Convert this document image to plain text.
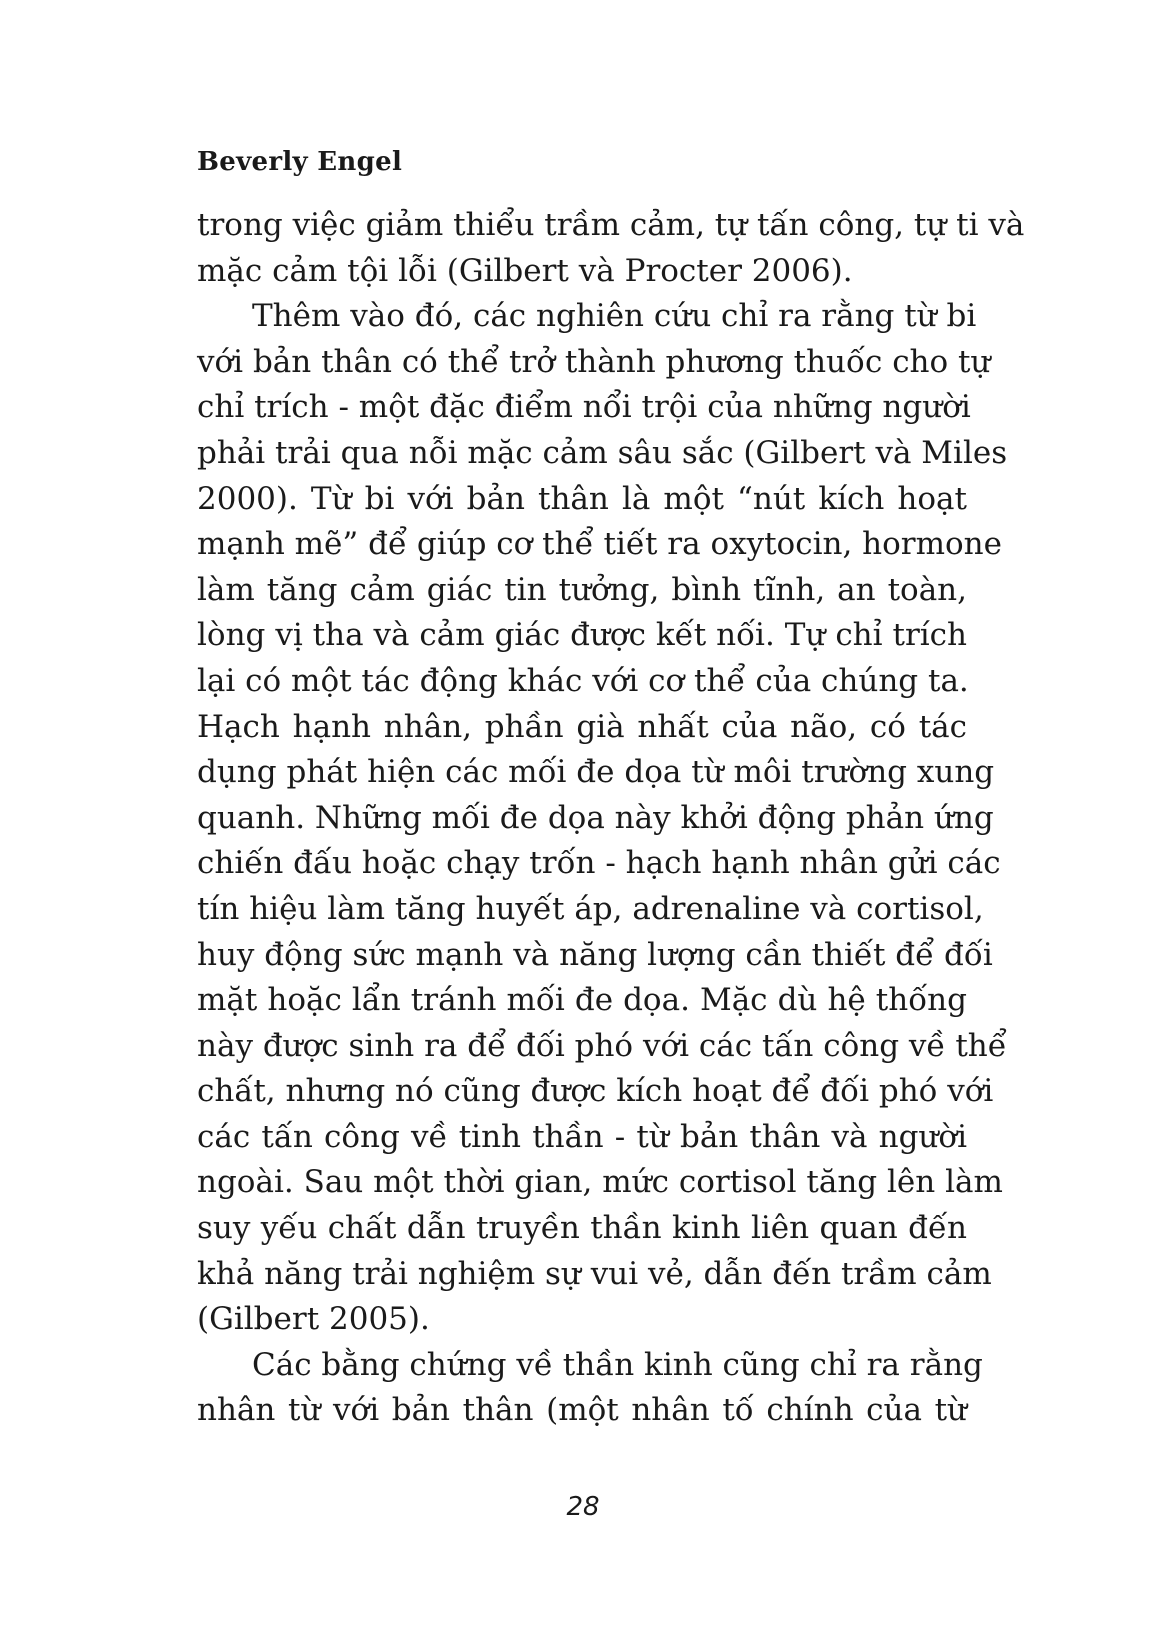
Beverly Engel
trong việc giảm thiểu trầm cảm, tự tấn công, tự ti và
mặc cảm tội lỗi (Gilbert và Procter 2006).
Thêm vào đó, các nghiên cứu chỉ ra rằng từ bi
với bản thân có thể trở thành phương thuốc cho tự
chỉ trích - một đặc điểm nổi trội của những người
phải trải qua nỗi mặc cảm sâu sắc (Gilbert và Miles
2000). Từ bi với bản thân là một “nút kích hoạt
mạnh mẽ” để giúp cơ thể tiết ra oxytocin, hormone
làm tăng cảm giác tin tưởng, bình tĩnh, an toàn,
lòng vị tha và cảm giác được kết nối. Tự chỉ trích
lại có một tác động khác với cơ thể của chúng ta.
Hạch hạnh nhân, phần già nhất của não, có tác
dụng phát hiện các mối đe dọa từ môi trường xung
quanh. Những mối đe dọa này khởi động phản ứng
chiến đấu hoặc chạy trốn - hạch hạnh nhân gửi các
tín hiệu làm tăng huyết áp, adrenaline và cortisol,
huy động sức mạnh và năng lượng cần thiết để đối
mặt hoặc lẩn tránh mối đe dọa. Mặc dù hệ thống
này được sinh ra để đối phó với các tấn công về thể
chất, nhưng nó cũng được kích hoạt để đối phó với
các tấn công về tinh thần - từ bản thân và người
ngoài. Sau một thời gian, mức cortisol tăng lên làm
suy yếu chất dẫn truyền thần kinh liên quan đến
khả năng trải nghiệm sự vui vẻ, dẫn đến trầm cảm
(Gilbert 2005).
Các bằng chứng về thần kinh cũng chỉ ra rằng
nhân từ với bản thân (một nhân tố chính của từ

28
